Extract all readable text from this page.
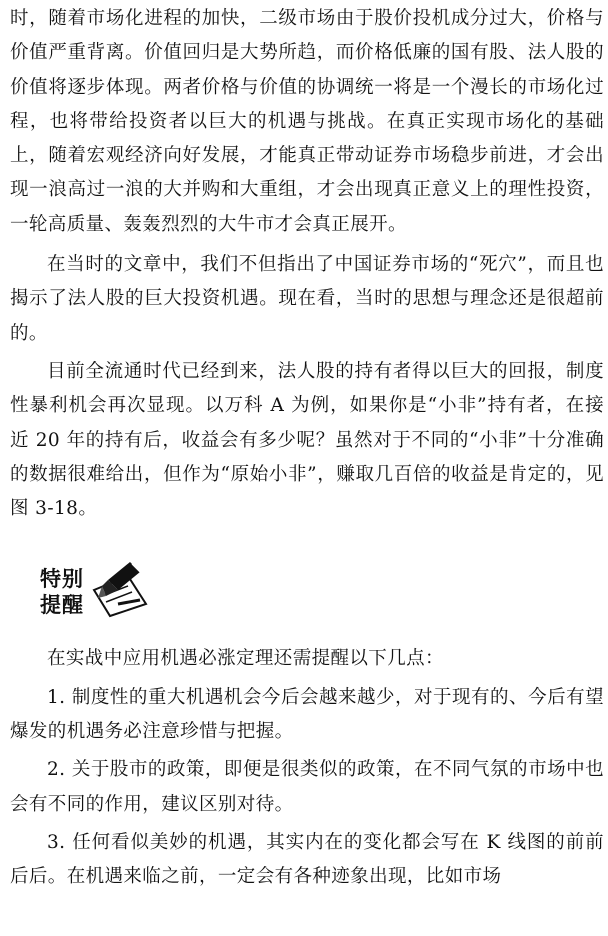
时，随着市场化进程的加快，二级市场由于股价投机成分过大，价格与价值严重背离。价值回归是大势所趋，而价格低廉的国有股、法人股的价值将逐步体现。两者价格与价值的协调统一将是一个漫长的市场化过程，也将带给投资者以巨大的机遇与挑战。在真正实现市场化的基础上，随着宏观经济向好发展，才能真正带动证券市场稳步前进，才会出现一浪高过一浪的大并购和大重组，才会出现真正意义上的理性投资，一轮高质量、轰轰烈烈的大牛市才会真正展开。

在当时的文章中，我们不但指出了中国证券市场的“死穴”，而且也揭示了法人股的巨大投资机遇。现在看，当时的思想与理念还是很超前的。

目前全流通时代已经到来，法人股的持有者得以巨大的回报，制度性暴利机会再次显现。以万科 A 为例，如果你是“小非”持有者，在接近 20 年的持有后，收益会有多少呢？虽然对于不同的“小非”十分准确的数据很难给出，但作为“原始小非”，赚取几百倍的收益是肯定的，见图 3-18。

特别
提醒

在实战中应用机遇必涨定理还需提醒以下几点：

1. 制度性的重大机遇机会今后会越来越少，对于现有的、今后有望爆发的机遇务必注意珍惜与把握。

2. 关于股市的政策，即便是很类似的政策，在不同气氛的市场中也会有不同的作用，建议区别对待。

3. 任何看似美妙的机遇，其实内在的变化都会写在 K 线图的前前后后。在机遇来临之前，一定会有各种迹象出现，比如市场
